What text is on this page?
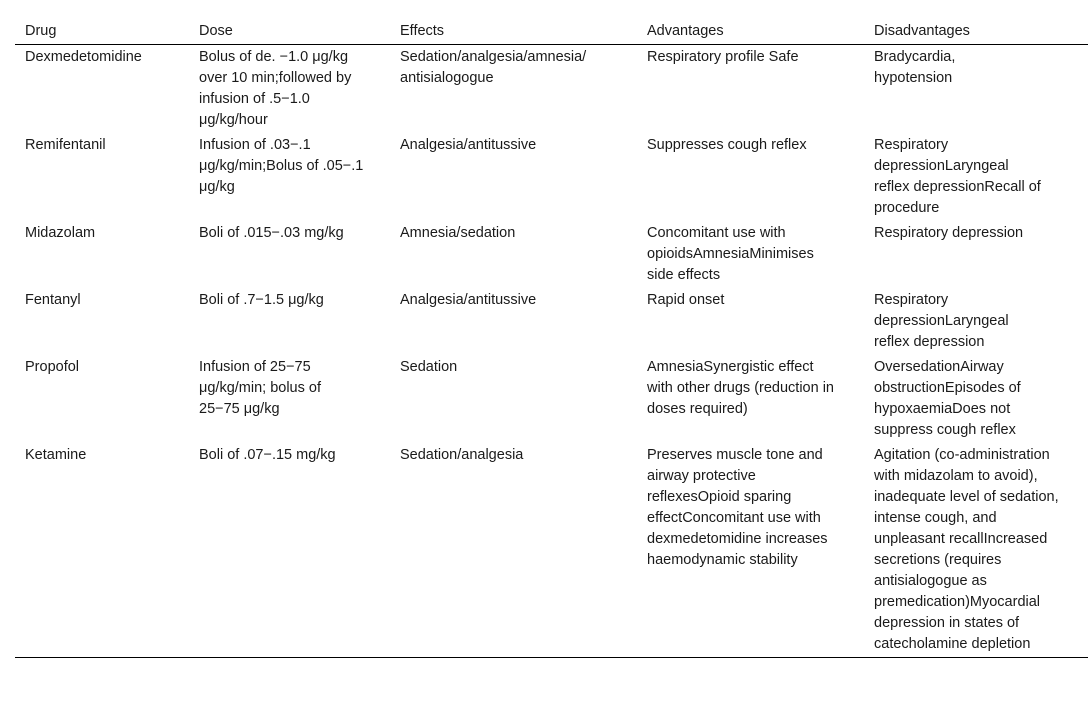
Drug	Dose	Effects	Advantages	Disadvantages

Dexmedetomidine	Bolus of de. −1.0 μg/kg over 10 min;followed by infusion of .5−1.0 μg/kg/hour	Sedation/analgesia/amnesia/ antisialogogue	Respiratory profile Safe	Bradycardia, hypotension

Remifentanil	Infusion of .03−.1 μg/kg/min;Bolus of .05−.1 μg/kg	Analgesia/antitussive	Suppresses cough reflex	Respiratory depressionLaryngeal reflex depressionRecall of procedure

Midazolam	Boli of .015−.03 mg/kg	Amnesia/sedation	Concomitant use with opioidsAmnesiaMinimises side effects	Respiratory depression

Fentanyl	Boli of .7−1.5 μg/kg	Analgesia/antitussive	Rapid onset	Respiratory depressionLaryngeal reflex depression

Propofol	Infusion of 25−75 μg/kg/min; bolus of 25−75 μg/kg	Sedation	AmnesiaSynergistic effect with other drugs (reduction in doses required)	OversedationAirway obstructionEpisodes of hypoxaemiaDoes not suppress cough reflex

Ketamine	Boli of .07−.15 mg/kg	Sedation/analgesia	Preserves muscle tone and airway protective reflexesOpioid sparing effectConcomitant use with dexmedetomidine increases haemodynamic stability	Agitation (co-administration with midazolam to avoid), inadequate level of sedation, intense cough, and unpleasant recallIncreased secretions (requires antisialogogue as premedication)Myocardial depression in states of catecholamine depletion
